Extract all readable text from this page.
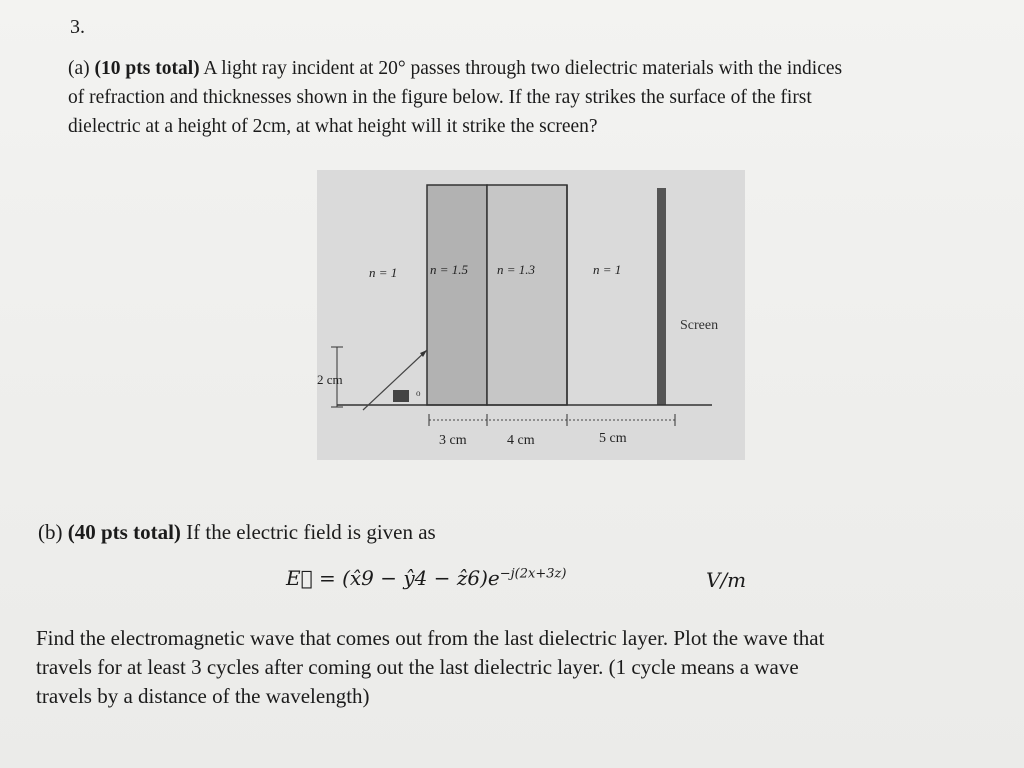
3.
(a) (10 pts total) A light ray incident at 20° passes through two dielectric materials with the indices
of refraction and thicknesses shown in the figure below. If the ray strikes the surface of the first
dielectric at a height of 2cm, at what height will it strike the screen?
o
2 cm
3 cm	4 cm	5 cm
n = 1	n = 1.5 n = 1.3	n = 1
Screen
(b) (40 pts total) If the electric field is given as
E⃗ = (x̂9 − ŷ4 − $ẑ6)e^{-j(2x+3z)}$	V/m
Find the electromagnetic wave that comes out from the last dielectric layer. Plot the wave that
travels for at least 3 cycles after coming out the last dielectric layer. (1 cycle means a wave
travels by a distance of the wavelength)
